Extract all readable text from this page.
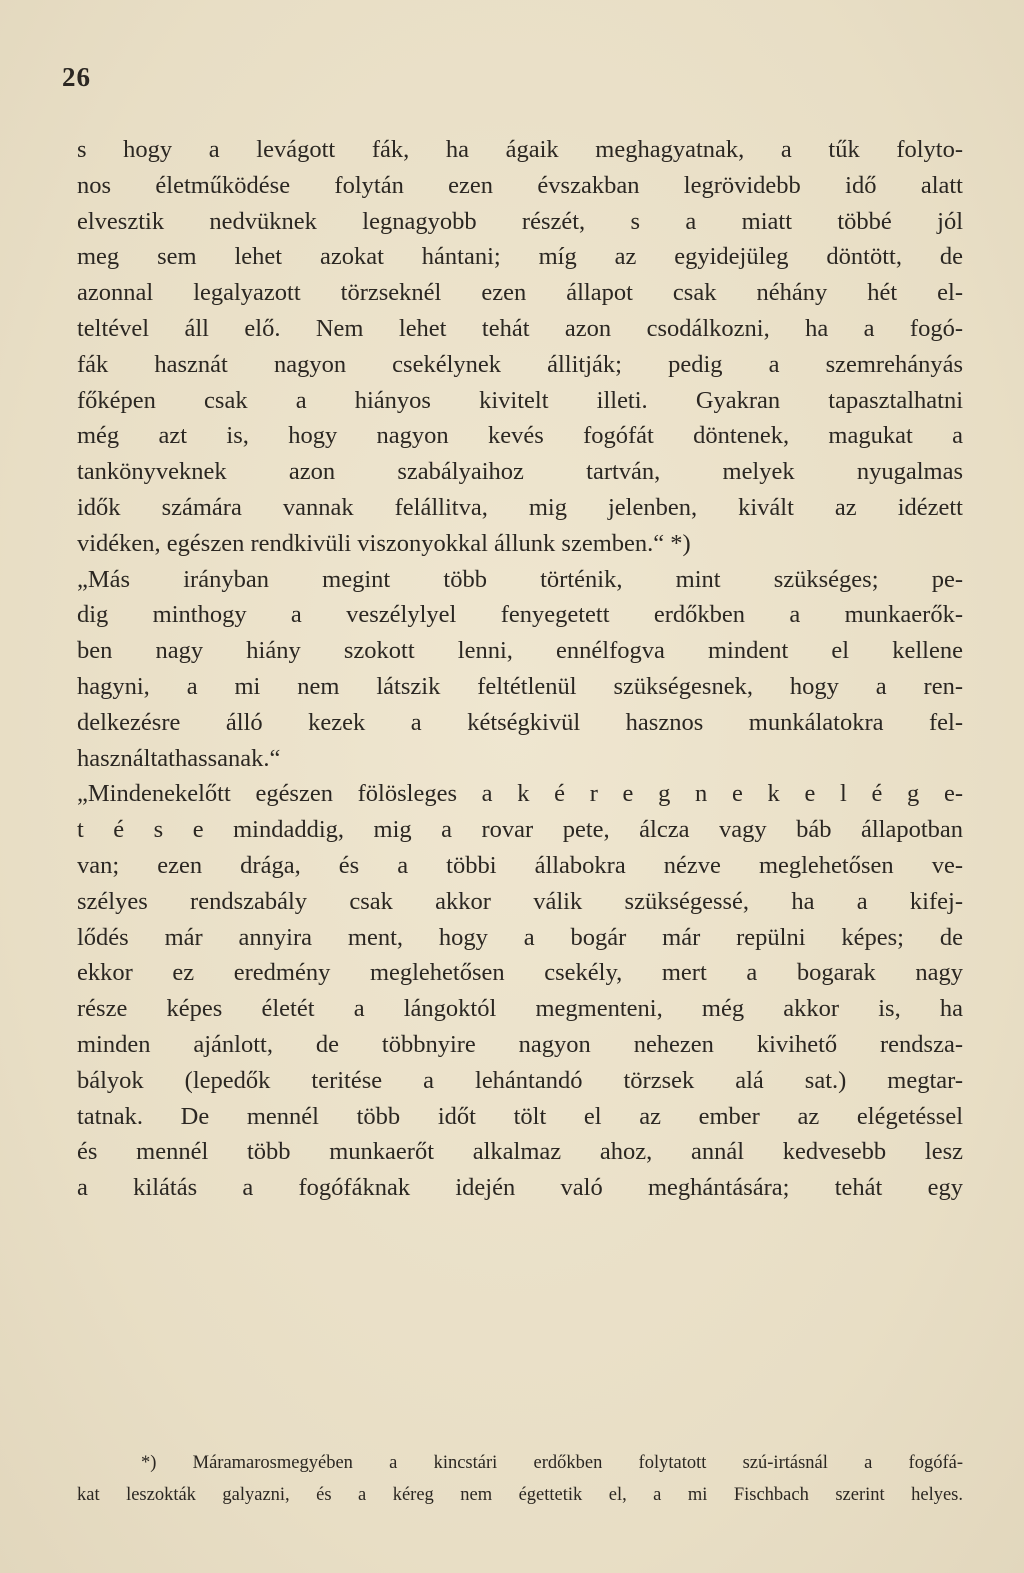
26
s hogy a levágott fák, ha ágaik meghagyatnak, a tűk folyto-
nos életműködése folytán ezen évszakban legrövidebb idő alatt
elvesztik nedvüknek legnagyobb részét, s a miatt többé jól
meg sem lehet azokat hántani; míg az egyidejüleg döntött, de
azonnal legalyazott törzseknél ezen állapot csak néhány hét el-
teltével áll elő. Nem lehet tehát azon csodálkozni, ha a fogó-
fák hasznát nagyon csekélynek állitják; pedig a szemrehányás
főképen csak a hiányos kivitelt illeti. Gyakran tapasztalhatni
még azt is, hogy nagyon kevés fogófát döntenek, magukat a
tankönyveknek azon szabályaihoz tartván, melyek nyugalmas
idők számára vannak felállitva, mig jelenben, kivált az idézett
vidéken, egészen rendkivüli viszonyokkal állunk szemben.“ *)
„Más irányban megint több történik, mint szükséges; pe-
dig minthogy a veszélylyel fenyegetett erdőkben a munkaerők-
ben nagy hiány szokott lenni, ennélfogva mindent el kellene
hagyni, a mi nem látszik feltétlenül szükségesnek, hogy a ren-
delkezésre álló kezek a kétségkivül hasznos munkálatokra fel-
használtathassanak.“
„Mindenekelőtt egészen fölösleges a k é r e g n e k e l é g e-
t é s e mindaddig, mig a rovar pete, álcza vagy báb állapotban
van; ezen drága, és a többi állabokra nézve meglehetősen ve-
szélyes rendszabály csak akkor válik szükségessé, ha a kifej-
lődés már annyira ment, hogy a bogár már repülni képes; de
ekkor ez eredmény meglehetősen csekély, mert a bogarak nagy
része képes életét a lángoktól megmenteni, még akkor is, ha
minden ajánlott, de többnyire nagyon nehezen kivihető rendsza-
bályok (lepedők teritése a lehántandó törzsek alá sat.) megtar-
tatnak. De mennél több időt tölt el az ember az elégetéssel
és mennél több munkaerőt alkalmaz ahoz, annál kedvesebb lesz
a kilátás a fogófáknak idején való meghántására; tehát egy
*) Máramarosmegyében a kincstári erdőkben folytatott szú-irtásnál a fogófá-
kat leszokták galyazni, és a kéreg nem égettetik el, a mi Fischbach szerint helyes.
